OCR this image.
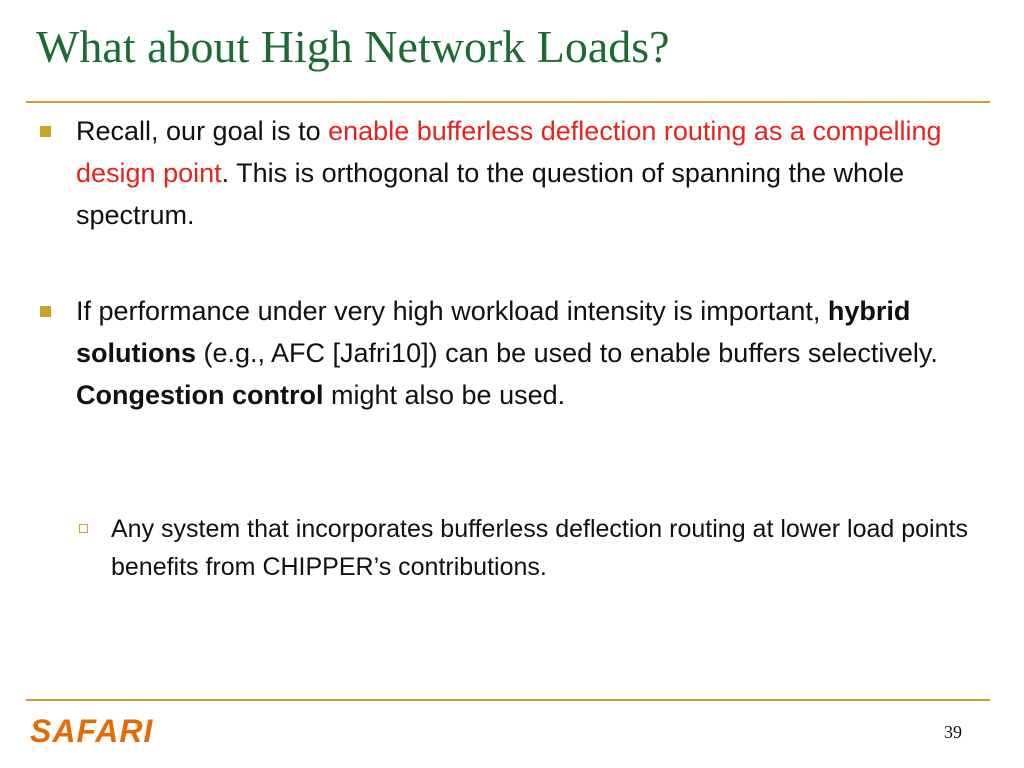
What about High Network Loads?
Recall, our goal is to enable bufferless deflection routing as a compelling design point. This is orthogonal to the question of spanning the whole spectrum.
If performance under very high workload intensity is important, hybrid solutions (e.g., AFC [Jafri10]) can be used to enable buffers selectively. Congestion control might also be used.
Any system that incorporates bufferless deflection routing at lower load points benefits from CHIPPER’s contributions.
SAFARI	39
